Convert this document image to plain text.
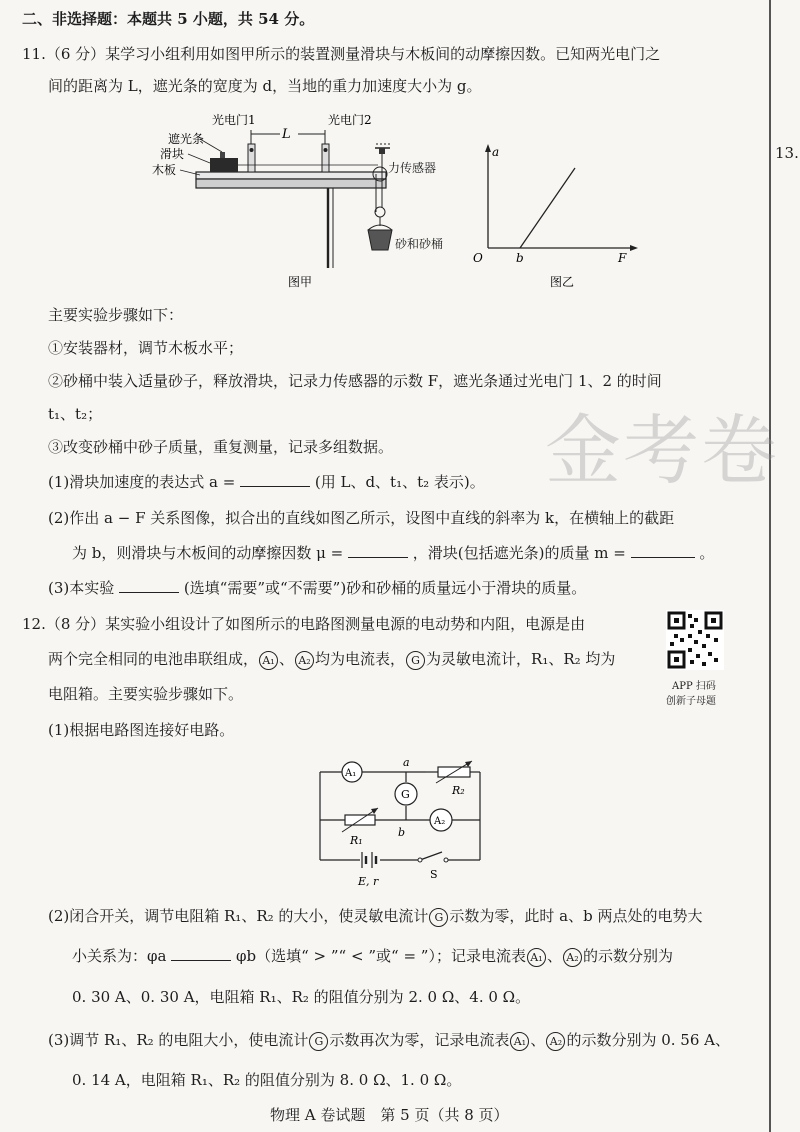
金考卷
二、非选择题：本题共 5 小题，共 54 分。
13.
11.（6 分）某学习小组利用如图甲所示的装置测量滑块与木板间的动摩擦因数。已知两光电门之
间的距离为 L，遮光条的宽度为 d，当地的重力加速度大小为 g。
L
光电门1	光电门2
遮光条
滑块
木板
图甲
力传感器
砂和砂桶
a
O	b	F
图乙
主要实验步骤如下：
①安装器材，调节木板水平；
②砂桶中装入适量砂子，释放滑块，记录力传感器的示数 F，遮光条通过光电门 1、2 的时间
t₁、t₂；
③改变砂桶中砂子质量，重复测量，记录多组数据。
(1)滑块加速度的表达式 a =	(用 L、d、t₁、t₂ 表示)。
(2)作出 a − F 关系图像，拟合出的直线如图乙所示，设图中直线的斜率为 k，在横轴上的截距
为 b，则滑块与木板间的动摩擦因数 μ =	，滑块(包括遮光条)的质量 m =	。
(3)本实验	(选填“需要”或“不需要”)砂和砂桶的质量远小于滑块的质量。
12.（8 分）某实验小组设计了如图所示的电路图测量电源的电动势和内阻，电源是由
两个完全相同的电池串联组成， A₁ 、 A₂ 均为电流表， G 为灵敏电流计，R₁、R₂ 均为
电阻箱。主要实验步骤如下。	APP 扫码
创新子母题
(1)根据电路图连接好电路。
A₁
R₂
a
G
R₁
b
A₂
E, r
S
(2)闭合开关，调节电阻箱 R₁、R₂ 的大小，使灵敏电流计 G 示数为零，此时 a、b 两点处的电势大
小关系为：φa	φb（选填“ > ”“ < ”或“ = ”）；记录电流表 A₁ 、 A₂ 的示数分别为
0. 30 A、0. 30 A，电阻箱 R₁、R₂ 的阻值分别为 2. 0 Ω、4. 0 Ω。
(3)调节 R₁、R₂ 的电阻大小，使电流计 G 示数再次为零，记录电流表 A₁ 、 A₂ 的示数分别为 0. 56 A、
0. 14 A，电阻箱 R₁、R₂ 的阻值分别为 8. 0 Ω、1. 0 Ω。
物理 A 卷试题　第 5 页（共 8 页）
